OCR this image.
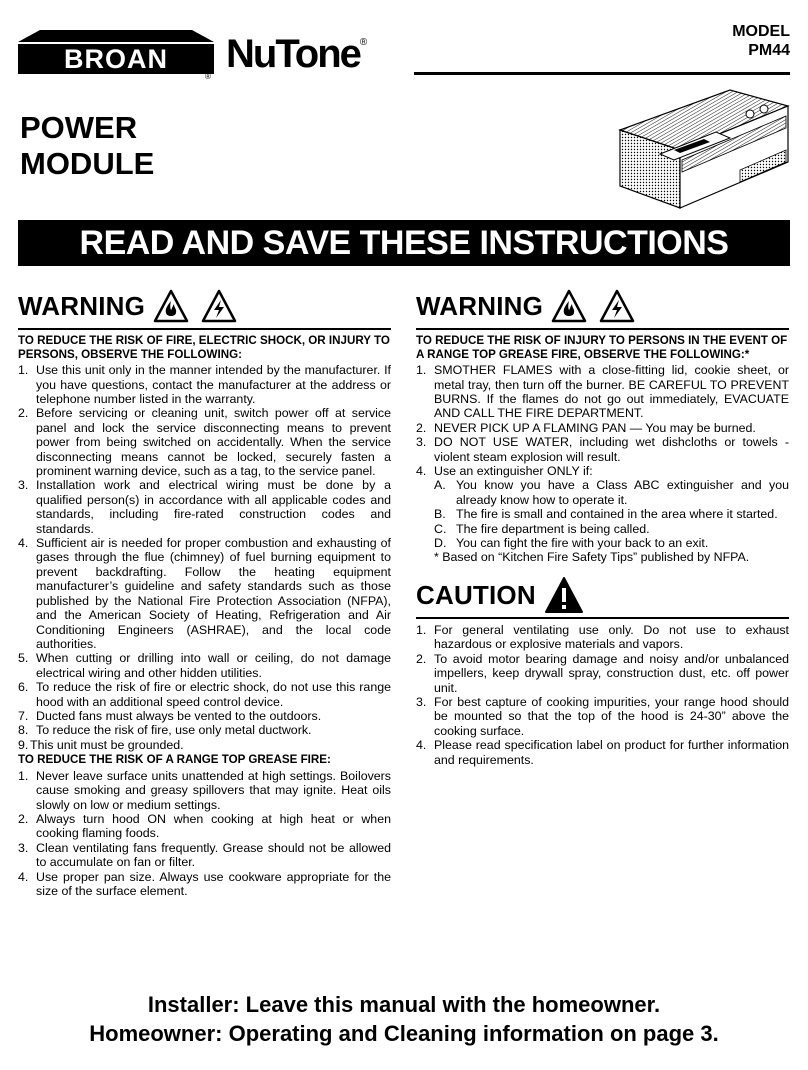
BROAN
®
NuTone®
MODEL
PM44
POWER
MODULE
READ AND SAVE THESE INSTRUCTIONS
WARNING
TO REDUCE THE RISK OF FIRE, ELECTRIC SHOCK, OR INJURY TO PERSONS, OBSERVE THE FOLLOWING:
1. Use this unit only in the manner intended by the manufacturer. If you have questions, contact the manufacturer at the address or telephone number listed in the warranty.
2. Before servicing or cleaning unit, switch power off at service panel and lock the service disconnecting means to prevent power from being switched on accidentally. When the service disconnecting means cannot be locked, securely fasten a prominent warning device, such as a tag, to the service panel.
3. Installation work and electrical wiring must be done by a qualified person(s) in accordance with all applicable codes and standards, including fire-rated construction codes and standards.
4. Sufficient air is needed for proper combustion and exhausting of gases through the flue (chimney) of fuel burning equipment to prevent backdrafting. Follow the heating equipment manufacturer’s guideline and safety standards such as those published by the National Fire Protection Association (NFPA), and the American Society of Heating, Refrigeration and Air Conditioning Engineers (ASHRAE), and the local code authorities.
5. When cutting or drilling into wall or ceiling, do not damage electrical wiring and other hidden utilities.
6. To reduce the risk of fire or electric shock, do not use this range hood with an additional speed control device.
7. Ducted fans must always be vented to the outdoors.
8. To reduce the risk of fire, use only metal ductwork.
9. This unit must be grounded.
TO REDUCE THE RISK OF A RANGE TOP GREASE FIRE:
1. Never leave surface units unattended at high settings. Boilovers cause smoking and greasy spillovers that may ignite. Heat oils slowly on low or medium settings.
2. Always turn hood ON when cooking at high heat or when cooking flaming foods.
3. Clean ventilating fans frequently. Grease should not be allowed to accumulate on fan or filter.
4. Use proper pan size. Always use cookware appropriate for the size of the surface element.
WARNING
TO REDUCE THE RISK OF INJURY TO PERSONS IN THE EVENT OF A RANGE TOP GREASE FIRE, OBSERVE THE FOLLOWING:*
1. SMOTHER FLAMES with a close-fitting lid, cookie sheet, or metal tray, then turn off the burner. BE CAREFUL TO PREVENT BURNS. If the flames do not go out immediately, EVACUATE AND CALL THE FIRE DEPARTMENT.
2. NEVER PICK UP A FLAMING PAN — You may be burned.
3. DO NOT USE WATER, including wet dishcloths or towels - violent steam explosion will result.
4. Use an extinguisher ONLY if:
A. You know you have a Class ABC extinguisher and you already know how to operate it.
B. The fire is small and contained in the area where it started.
C. The fire department is being called.
D. You can fight the fire with your back to an exit.
* Based on “Kitchen Fire Safety Tips” published by NFPA.
CAUTION
1. For general ventilating use only. Do not use to exhaust hazardous or explosive materials and vapors.
2. To avoid motor bearing damage and noisy and/or unbalanced impellers, keep drywall spray, construction dust, etc. off power unit.
3. For best capture of cooking impurities, your range hood should be mounted so that the top of the hood is 24-30” above the cooking surface.
4. Please read specification label on product for further information and requirements.
Installer: Leave this manual with the homeowner.
Homeowner: Operating and Cleaning information on page 3.
